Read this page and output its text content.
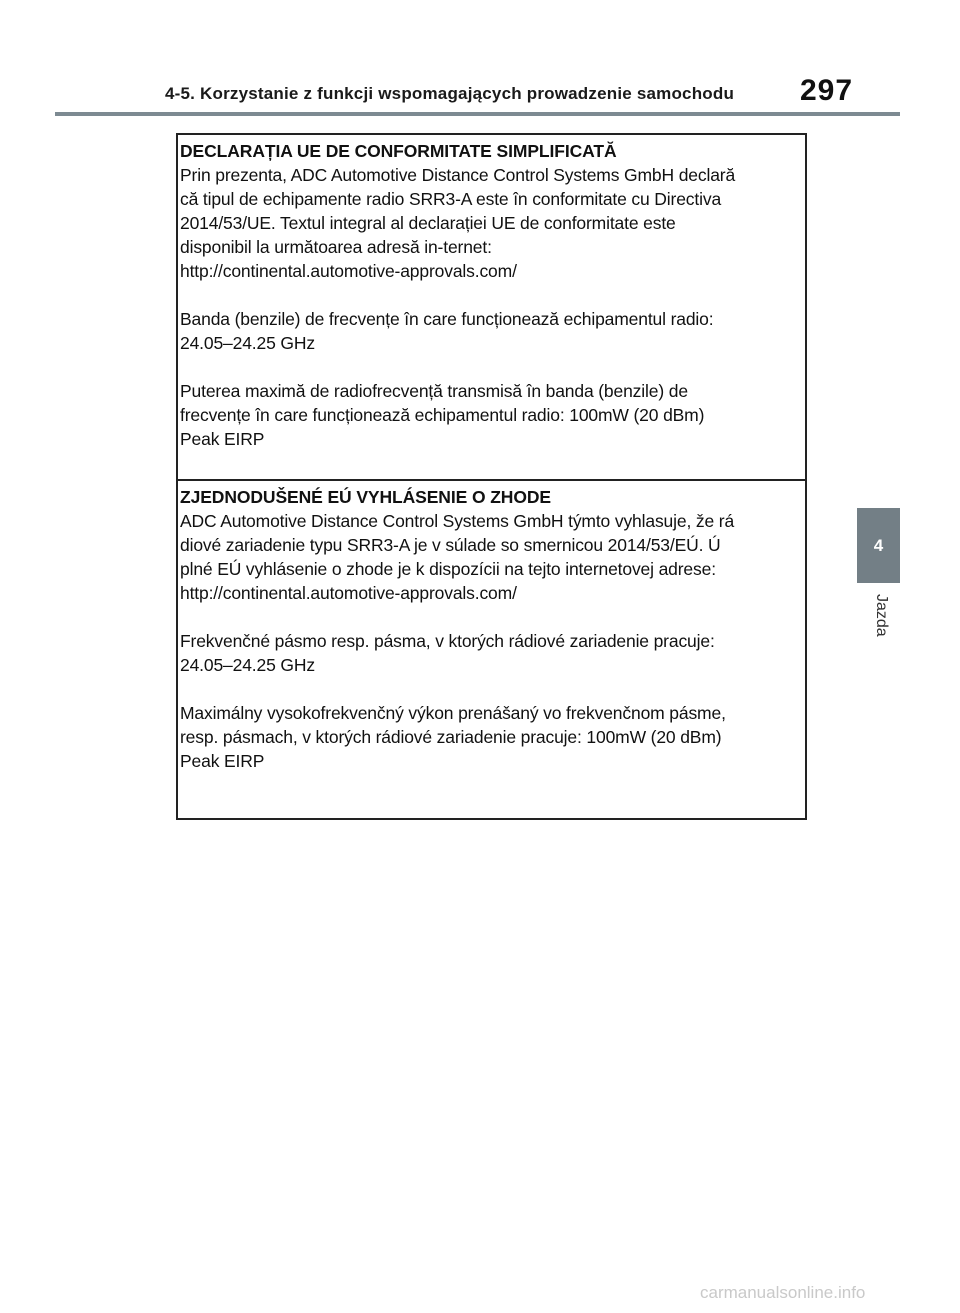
4-5. Korzystanie z funkcji wspomagających prowadzenie samochodu 297

DECLARAȚIA UE DE CONFORMITATE SIMPLIFICATĂ

Prin prezenta, ADC Automotive Distance Control Systems GmbH declară
că tipul de echipamente radio SRR3-A este în conformitate cu Directiva
2014/53/UE. Textul integral al declarației UE de conformitate este
disponibil la următoarea adresă in-ternet:
http://continental.automotive-approvals.com/

Banda (benzile) de frecvențe în care funcționează echipamentul radio:
24.05–24.25 GHz

Puterea maximă de radiofrecvență transmisă în banda (benzile) de
frecvențe în care funcționează echipamentul radio: 100mW (20 dBm)
Peak EIRP

ZJEDNODUŠENÉ EÚ VYHLÁSENIE O ZHODE

ADC Automotive Distance Control Systems GmbH týmto vyhlasuje, že rá
diové zariadenie typu SRR3-A je v súlade so smernicou 2014/53/EÚ. Ú
plné EÚ vyhlásenie o zhode je k dispozícii na tejto internetovej adrese:
http://continental.automotive-approvals.com/

Frekvenčné pásmo resp. pásma, v ktorých rádiové zariadenie pracuje:
24.05–24.25 GHz

Maximálny vysokofrekvenčný výkon prenášaný vo frekvenčnom pásme,
resp. pásmach, v ktorých rádiové zariadenie pracuje: 100mW (20 dBm)
Peak EIRP

4
Jazda
carmanualsonline.info
